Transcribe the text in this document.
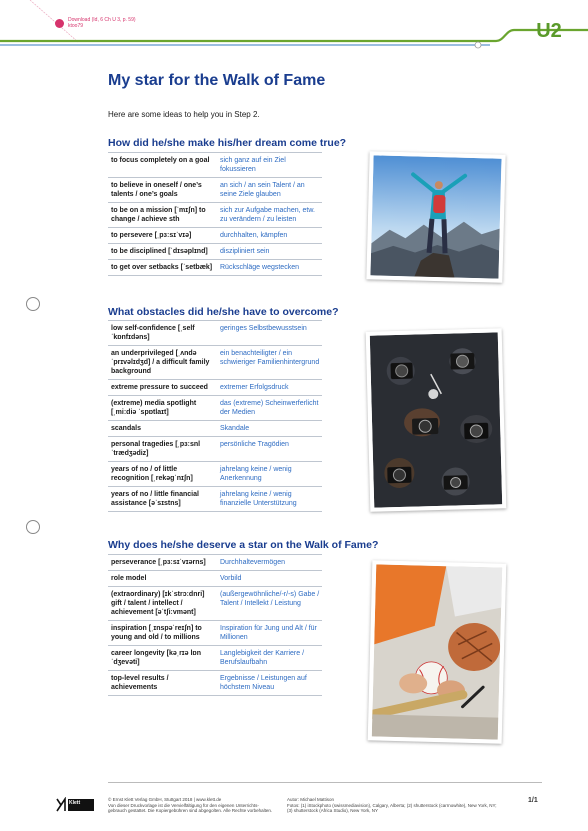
Download (Id, 6 Ch U 3, p. 59)
ktoo79	U2
My star for the Walk of Fame
Here are some ideas to help you in Step 2.
How did he/she make his/her dream come true?
to focus completely on a goal	sich ganz auf ein Ziel fokussieren
to believe in oneself / one’s talents / one’s goals	an sich / an sein Talent / an seine Ziele glauben
to be on a mission [ˈmɪʃn] to change / achieve sth	sich zur Aufgabe machen, etw. zu verändern / zu leisten
to persevere [ˌpɜːsɪˈvɪə]	durchhalten, kämpfen
to be disciplined [ˈdɪsəplɪnd]	diszipliniert sein
to get over setbacks [ˈsetbæk]	Rückschläge wegstecken
What obstacles did he/she have to overcome?
low self-confidence [ˌselfˈkɒnfɪdəns]	geringes Selbstbewusstsein
an underprivileged [ˌʌndəˈprɪvəlɪdʒd] / a difficult family background	ein benachteiligter / ein schwieriger Familienhintergrund
extreme pressure to succeed	extremer Erfolgsdruck
(extreme) media spotlight [ˌmiːdiə ˈspɒtlaɪt]	das (extreme) Scheinwerferlicht der Medien
scandals	Skandale
personal tragedies [ˌpɜːsnl ˈtrædʒədiz]	persönliche Tragödien
years of no / of little recognition [ˌrekəɡˈnɪʃn]	jahrelang keine / wenig Anerkennung
years of no / little financial assistance [əˈsɪstns]	jahrelang keine / wenig finanzielle Unterstützung
Why does he/she deserve a star on the Walk of Fame?
perseverance [ˌpɜːsɪˈvɪərns]	Durchhaltevermögen
role model	Vorbild
(extraordinary) [ɪkˈstrɔːdnri] gift / talent / intellect / achievement [əˈtʃiːvmənt]	(außergewöhnliche/-r/-s) Gabe / Talent / Intellekt / Leistung
inspiration [ˌɪnspəˈreɪʃn] to young and old / to millions	Inspiration für Jung und Alt / für Millionen
career longevity [kəˌrɪə lɒnˈdʒevəti]	Langlebigkeit der Karriere / Berufslaufbahn
top-level results / achievements	Ergebnisse / Leistungen auf höchstem Niveau
Klett
© Ernst Klett Verlag GmbH, Stuttgart 2018 | www.klett.de
Von dieser Druckvorlage ist die Vervielfältigung für den eigenen Unterrichts-
gebrauch gestattet. Die Kopiergebühren sind abgegolten. Alle Rechte vorbehalten.
Autor: Michael Mattison
Fotos: (1) iStockphoto (swissmediavision), Calgary, Alberta; (2) shutterstock (carrnowhite), New York, NY;
(3) shutterstock (Africa Studio), New York, NY
1/1
